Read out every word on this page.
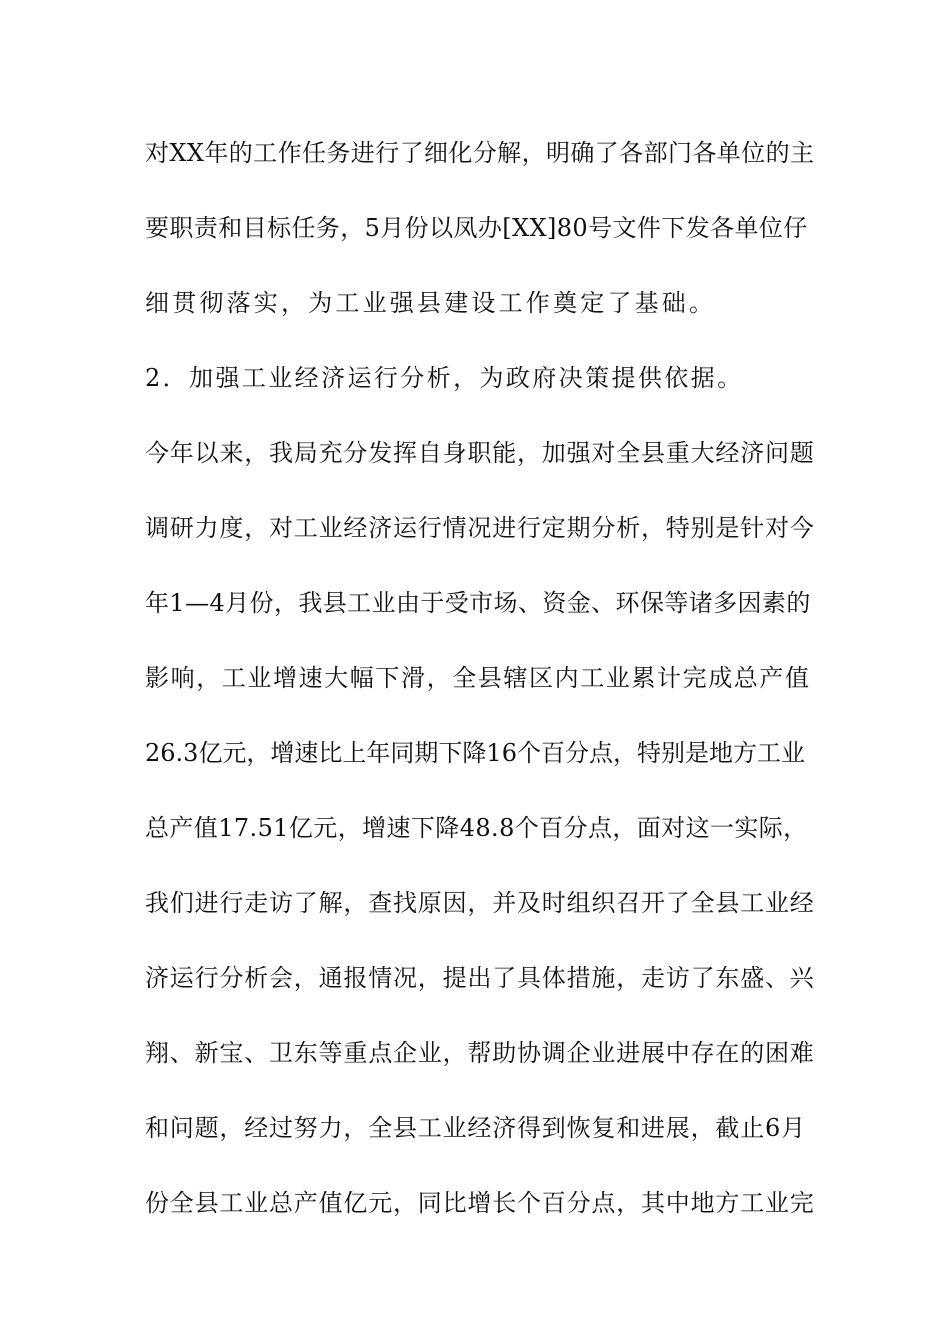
对XX年的工作任务进行了细化分解，明确了各部门各单位的主
要职责和目标任务，5月份以凤办[XX]80号文件下发各单位仔
细贯彻落实，为工业强县建设工作奠定了基础。
2．加强工业经济运行分析，为政府决策提供依据。
今年以来，我局充分发挥自身职能，加强对全县重大经济问题
调研力度，对工业经济运行情况进行定期分析，特别是针对今
年1—4月份，我县工业由于受市场、资金、环保等诸多因素的
影响，工业增速大幅下滑，全县辖区内工业累计完成总产值
26.3亿元，增速比上年同期下降16个百分点，特别是地方工业
总产值17.51亿元，增速下降48.8个百分点，面对这一实际，
我们进行走访了解，查找原因，并及时组织召开了全县工业经
济运行分析会，通报情况，提出了具体措施，走访了东盛、兴
翔、新宝、卫东等重点企业，帮助协调企业进展中存在的困难
和问题，经过努力，全县工业经济得到恢复和进展，截止6月
份全县工业总产值亿元，同比增长个百分点，其中地方工业完
